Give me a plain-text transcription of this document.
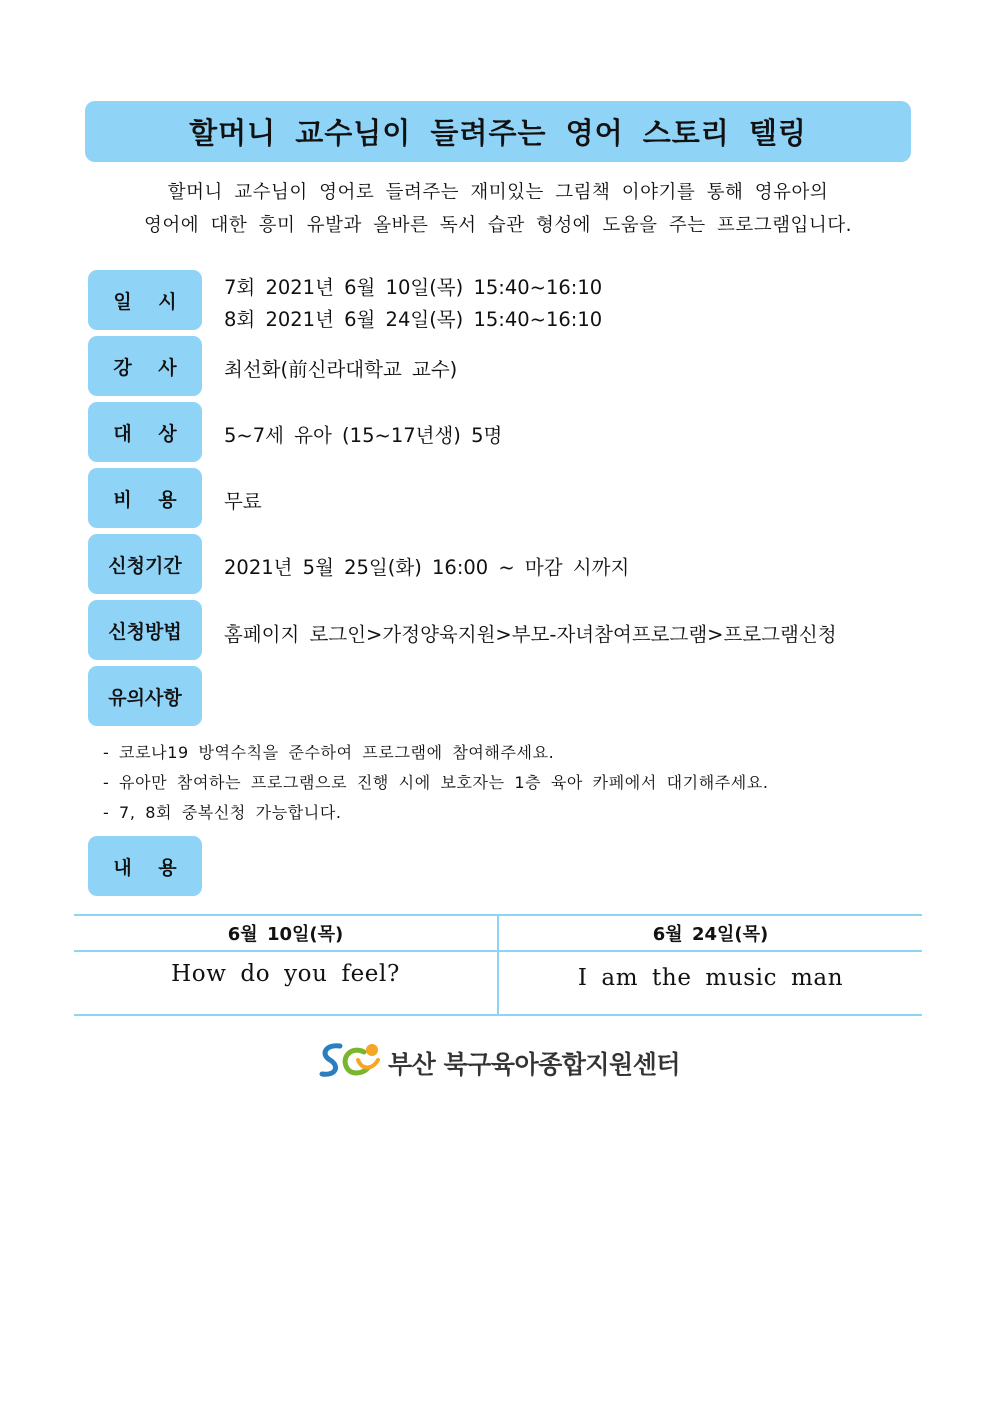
할머니 교수님이 들려주는 영어 스토리 텔링
할머니 교수님이 영어로 들려주는 재미있는 그림책 이야기를 통해 영유아의
영어에 대한 흥미 유발과 올바른 독서 습관 형성에 도움을 주는 프로그램입니다.
일    시
7회 2021년 6월 10일(목) 15:40~16:10
8회 2021년 6월 24일(목) 15:40~16:10
강    사	최선화(前신라대학교 교수)
대    상	5~7세 유아 (15~17년생) 5명
비    용	무료
신청기간	2021년 5월 25일(화) 16:00 ~ 마감 시까지
신청방법	홈페이지 로그인>가정양육지원>부모-자녀참여프로그램>프로그램신청
유의사항
- 코로나19 방역수칙을 준수하여 프로그램에 참여해주세요.
- 유아만 참여하는 프로그램으로 진행 시에 보호자는 1층 육아 카페에서 대기해주세요.
- 7, 8회 중복신청 가능합니다.
내    용
6월 10일(목)	6월 24일(목)
How do you feel?	I am the music man
부산 북구육아종합지원센터
